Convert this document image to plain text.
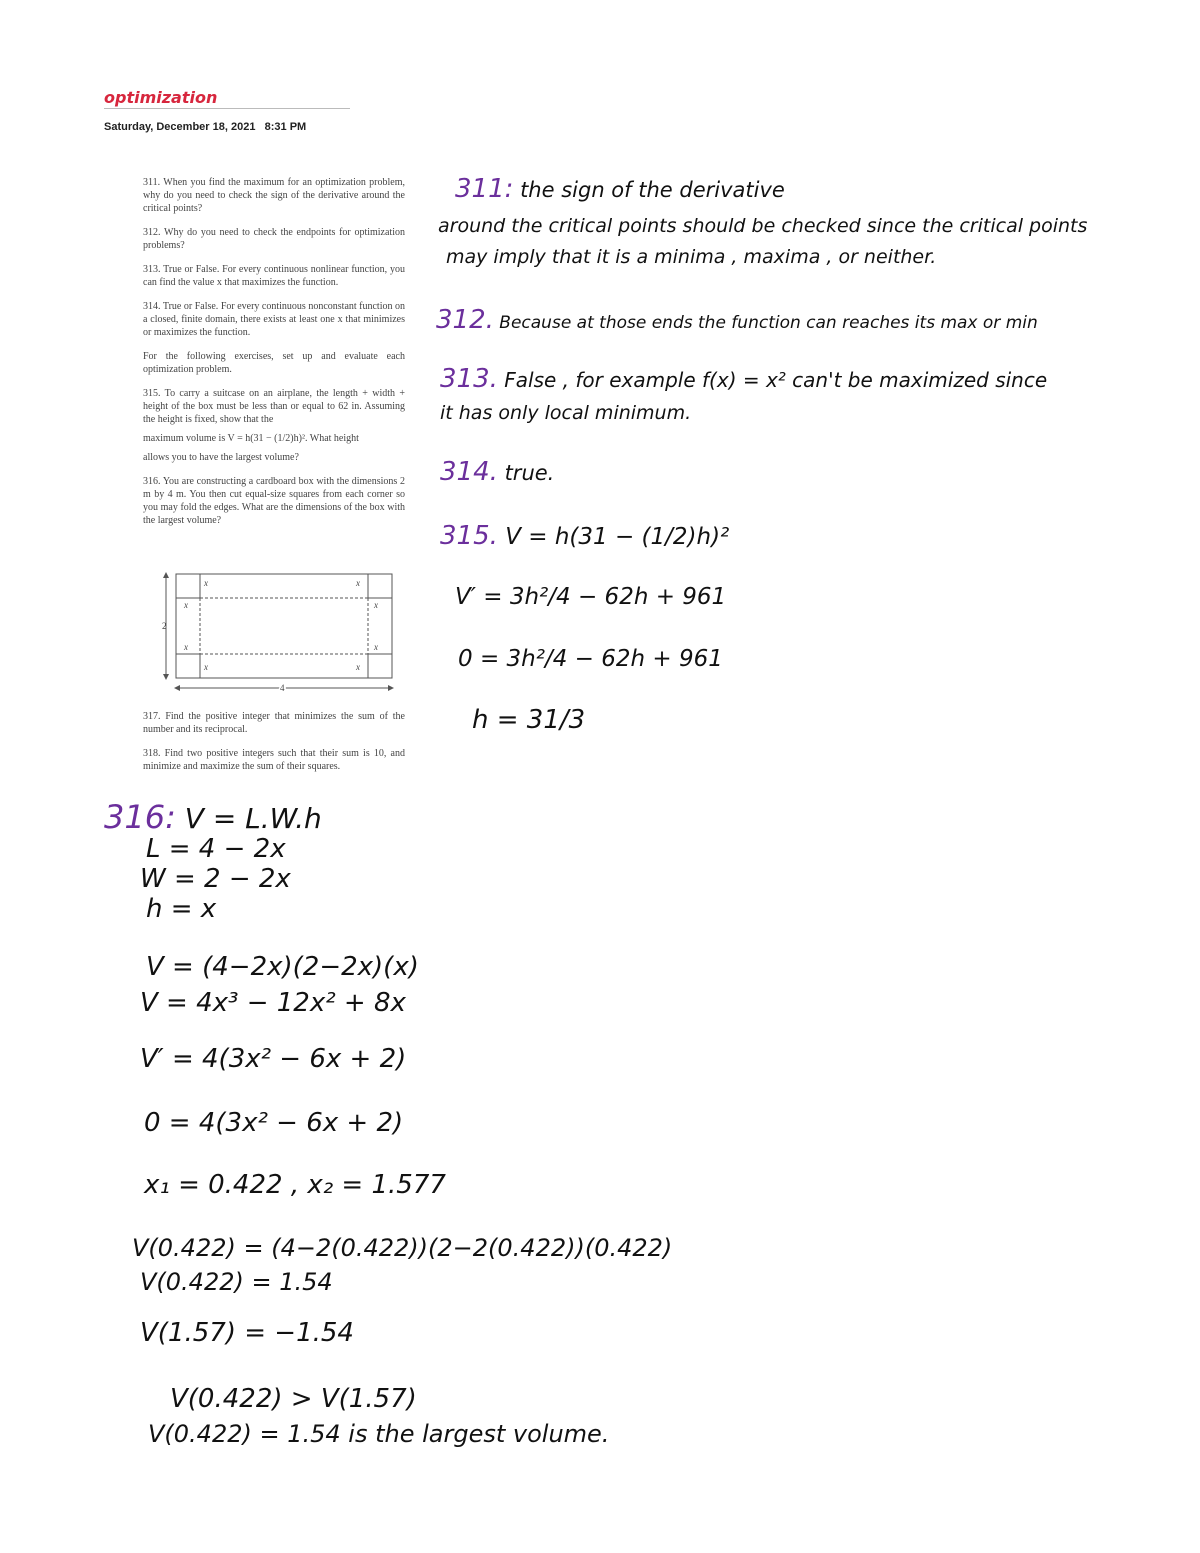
optimization
Saturday, December 18, 2021 8:31 PM

311. When you find the maximum for an optimization problem, why do you need to check the sign of the derivative around the critical points?

312. Why do you need to check the endpoints for optimization problems?

313. True or False. For every continuous nonlinear function, you can find the value x that maximizes the function.

314. True or False. For every continuous nonconstant function on a closed, finite domain, there exists at least one x that minimizes or maximizes the function.

For the following exercises, set up and evaluate each optimization problem.

315. To carry a suitcase on an airplane, the length + width + height of the box must be less than or equal to 62 in. Assuming the height is fixed, show that the

maximum volume is V = h(31 − (1/2)h)². What height

allows you to have the largest volume?

316. You are constructing a cardboard box with the dimensions 2 m by 4 m. You then cut equal-size squares from each corner so you may fold the edges. What are the dimensions of the box with the largest volume?

x	x
x	x
x	x
x	x
2
4

317. Find the positive integer that minimizes the sum of the number and its reciprocal.

318. Find two positive integers such that their sum is 10, and minimize and maximize the sum of their squares.

311: the sign of the derivative
around the critical points should be checked since the critical points
may imply that it is a minima , maxima , or neither.
312. Because at those ends the function can reaches its max or min
313. False , for example f(x) = x² can't be maximized since
it has only local minimum.
314. true.
315. V = h(31 − (1/2)h)²
V′ = 3h²/4 − 62h + 961
0 = 3h²/4 − 62h + 961
h = 31/3
316: V = L.W.h
L = 4 − 2x
W = 2 − 2x
h = x
V = (4−2x)(2−2x)(x)
V = 4x³ − 12x² + 8x
V′ = 4(3x² − 6x + 2)
0 = 4(3x² − 6x + 2)
x₁ = 0.422 , x₂ = 1.577
V(0.422) = (4−2(0.422))(2−2(0.422))(0.422)
V(0.422) = 1.54
V(1.57) = −1.54
V(0.422) > V(1.57)
V(0.422) = 1.54 is the largest volume.
